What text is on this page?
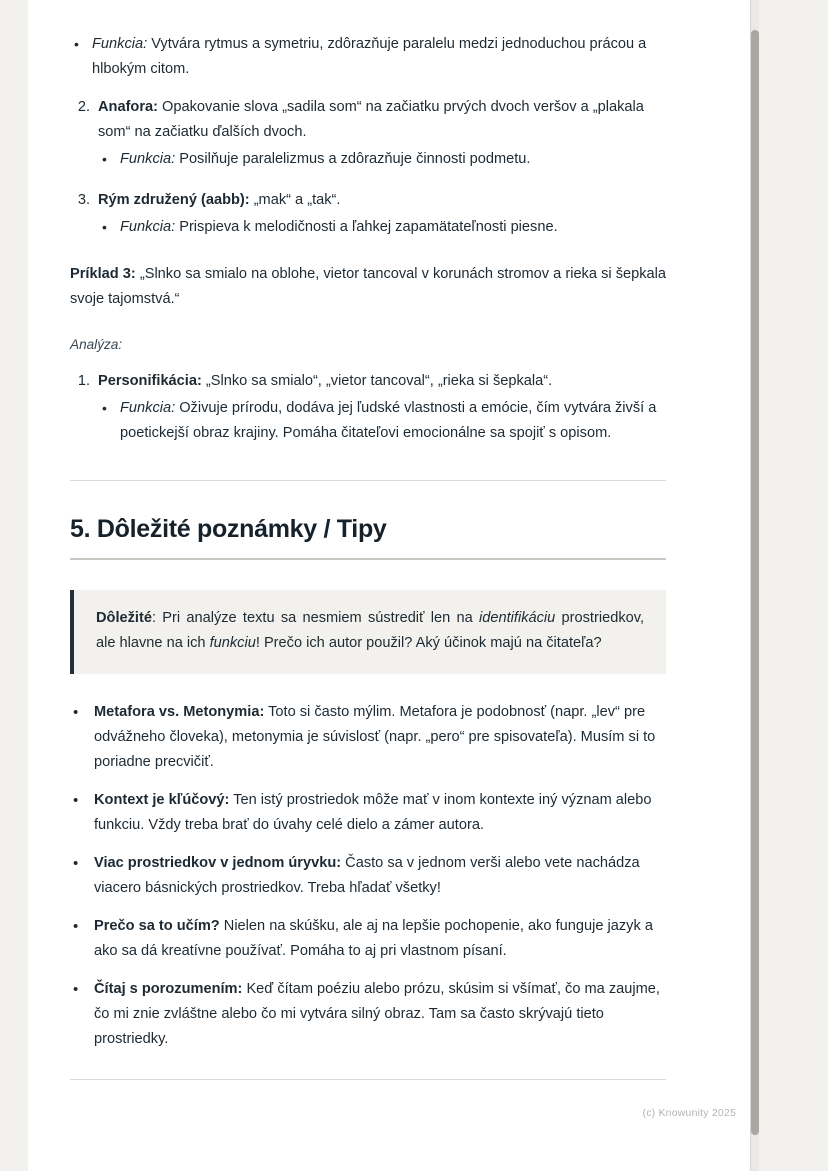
• Funkcia: Vytvára rytmus a symetriu, zdôrazňuje paralelu medzi jednoduchou prácou a hlbokým citom.
2. Anafora: Opakovanie slova „sadila som“ na začiatku prvých dvoch veršov a „plakala som“ na začiatku ďalších dvoch.
• Funkcia: Posilňuje paralelizmus a zdôrazňuje činnosti podmetu.
3. Rým združený (aabb): „mak“ a „tak“.
• Funkcia: Prispieva k melodičnosti a ľahkej zapamätateľnosti piesne.

Príklad 3: „Slnko sa smialo na oblohe, vietor tancoval v korunách stromov a rieka si šepkala svoje tajomstvá.“

Analýza:
1. Personifikácia: „Slnko sa smialo“, „vietor tancoval“, „rieka si šepkala“.
• Funkcia: Oživuje prírodu, dodáva jej ľudské vlastnosti a emócie, čím vytvára živší a poetickejší obraz krajiny. Pomáha čitateľovi emocionálne sa spojiť s opisom.
5. Dôležité poznámky / Tipy

Dôležité: Pri analýze textu sa nesmiem sústrediť len na identifikáciu prostriedkov, ale hlavne na ich funkciu! Prečo ich autor použil? Aký účinok majú na čitateľa?

• Metafora vs. Metonymia: Toto si často mýlim. Metafora je podobnosť (napr. „lev“ pre odvážneho človeka), metonymia je súvislosť (napr. „pero“ pre spisovateľa). Musím si to poriadne precvičiť.
• Kontext je kľúčový: Ten istý prostriedok môže mať v inom kontexte iný význam alebo funkciu. Vždy treba brať do úvahy celé dielo a zámer autora.
• Viac prostriedkov v jednom úryvku: Často sa v jednom verši alebo vete nachádza viacero básnických prostriedkov. Treba hľadať všetky!
• Prečo sa to učím? Nielen na skúšku, ale aj na lepšie pochopenie, ako funguje jazyk a ako sa dá kreatívne používať. Pomáha to aj pri vlastnom písaní.
• Čítaj s porozumením: Keď čítam poéziu alebo prózu, skúsim si všímať, čo ma zaujme, čo mi znie zvláštne alebo čo mi vytvára silný obraz. Tam sa často skrývajú tieto prostriedky.
(c) Knowunity 2025
